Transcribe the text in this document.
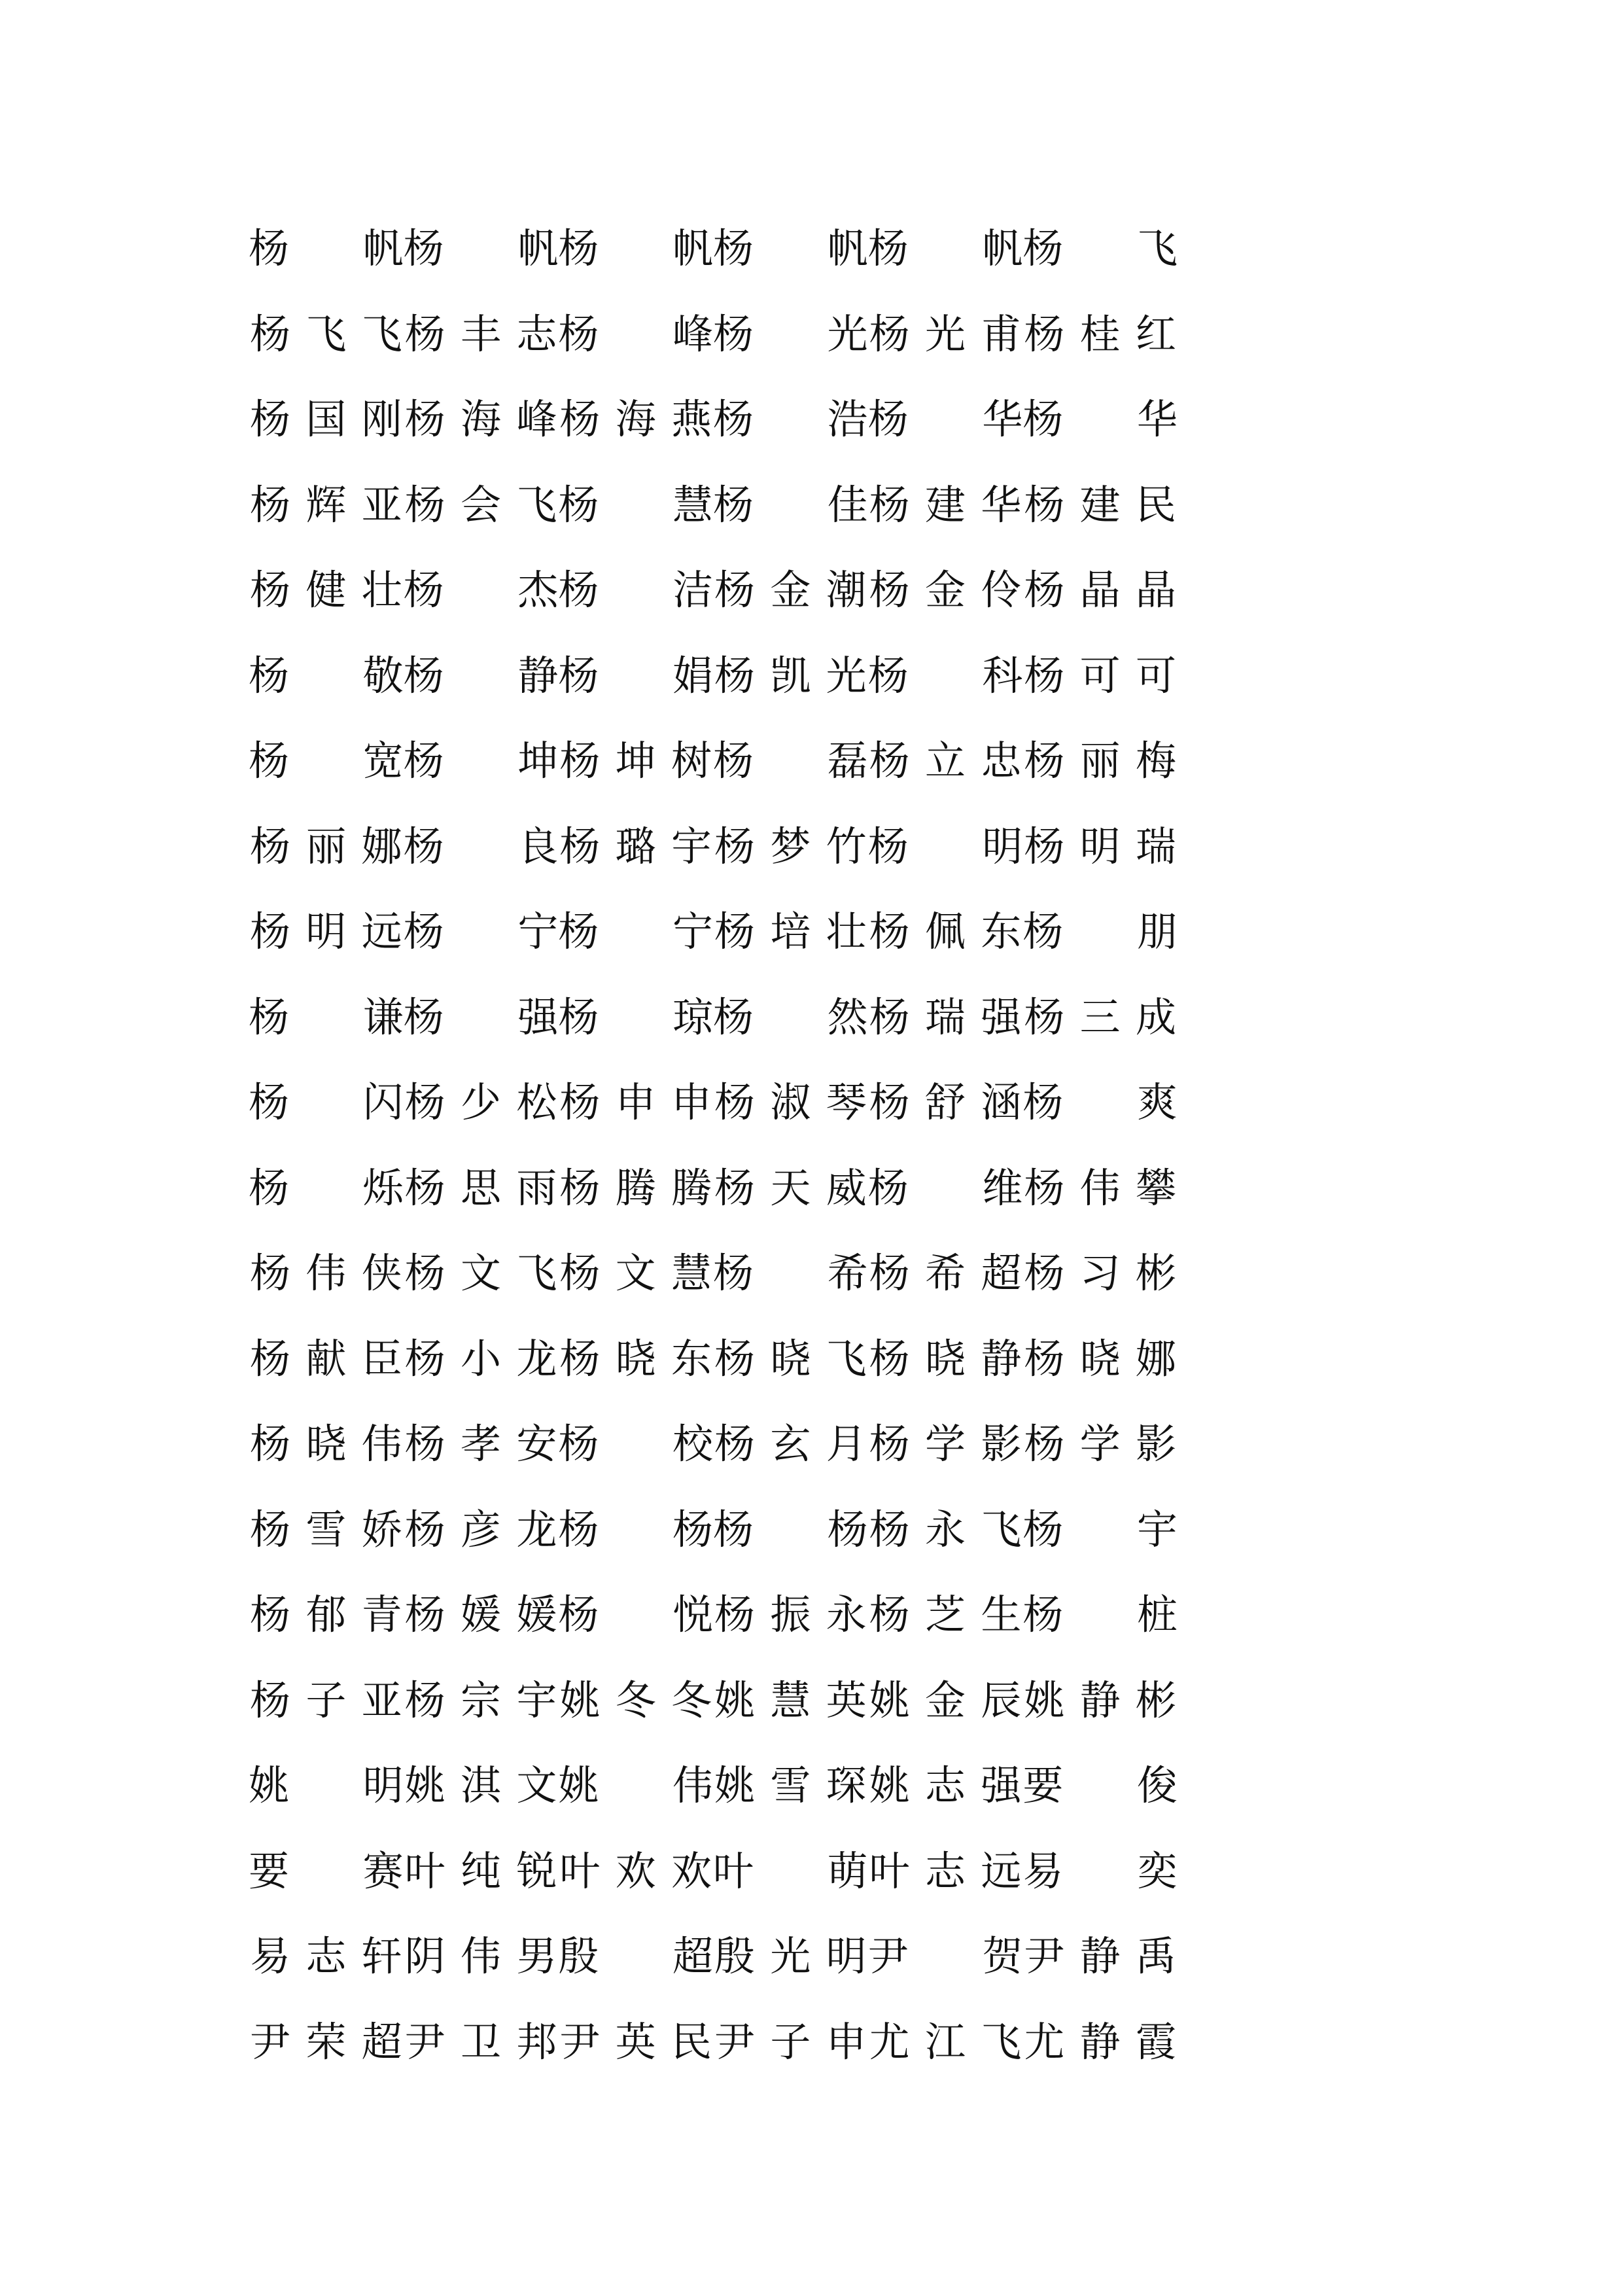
杨 帆 杨 帆 杨 帆 杨 帆 杨 帆 杨 飞
杨 飞 飞 杨 丰 志 杨 峰 杨 光 杨 光 甫 杨 桂 红
杨 国 刚 杨 海 峰 杨 海 燕 杨 浩 杨 华 杨 华
杨 辉 亚 杨 会 飞 杨 慧 杨 佳 杨 建 华 杨 建 民
杨 健 壮 杨 杰 杨 洁 杨 金 潮 杨 金 伶 杨 晶 晶
杨 敬 杨 静 杨 娟 杨 凯 光 杨 科 杨 可 可
杨 宽 杨 坤 杨 坤 树 杨 磊 杨 立 忠 杨 丽 梅
杨 丽 娜 杨 良 杨 璐 宇 杨 梦 竹 杨 明 杨 明 瑞
杨 明 远 杨 宁 杨 宁 杨 培 壮 杨 佩 东 杨 朋
杨 谦 杨 强 杨 琼 杨 然 杨 瑞 强 杨 三 成
杨 闪 杨 少 松 杨 申 申 杨 淑 琴 杨 舒 涵 杨 爽
杨 烁 杨 思 雨 杨 腾 腾 杨 天 威 杨 维 杨 伟 攀
杨 伟 侠 杨 文 飞 杨 文 慧 杨 希 杨 希 超 杨 习 彬
杨 献 臣 杨 小 龙 杨 晓 东 杨 晓 飞 杨 晓 静 杨 晓 娜
杨 晓 伟 杨 孝 安 杨 校 杨 玄 月 杨 学 影 杨 学 影
杨 雪 娇 杨 彦 龙 杨 杨 杨 杨 杨 永 飞 杨 宇
杨 郁 青 杨 媛 媛 杨 悦 杨 振 永 杨 芝 生 杨 桩
杨 子 亚 杨 宗 宇 姚 冬 冬 姚 慧 英 姚 金 辰 姚 静 彬
姚 明 姚 淇 文 姚 伟 姚 雪 琛 姚 志 强 要 俊
要 赛 叶 纯 锐 叶 欢 欢 叶 萌 叶 志 远 易 奕
易 志 轩 阴 伟 男 殷 超 殷 光 明 尹 贺 尹 静 禹
尹 荣 超 尹 卫 邦 尹 英 民 尹 子 申 尤 江 飞 尤 静 霞
